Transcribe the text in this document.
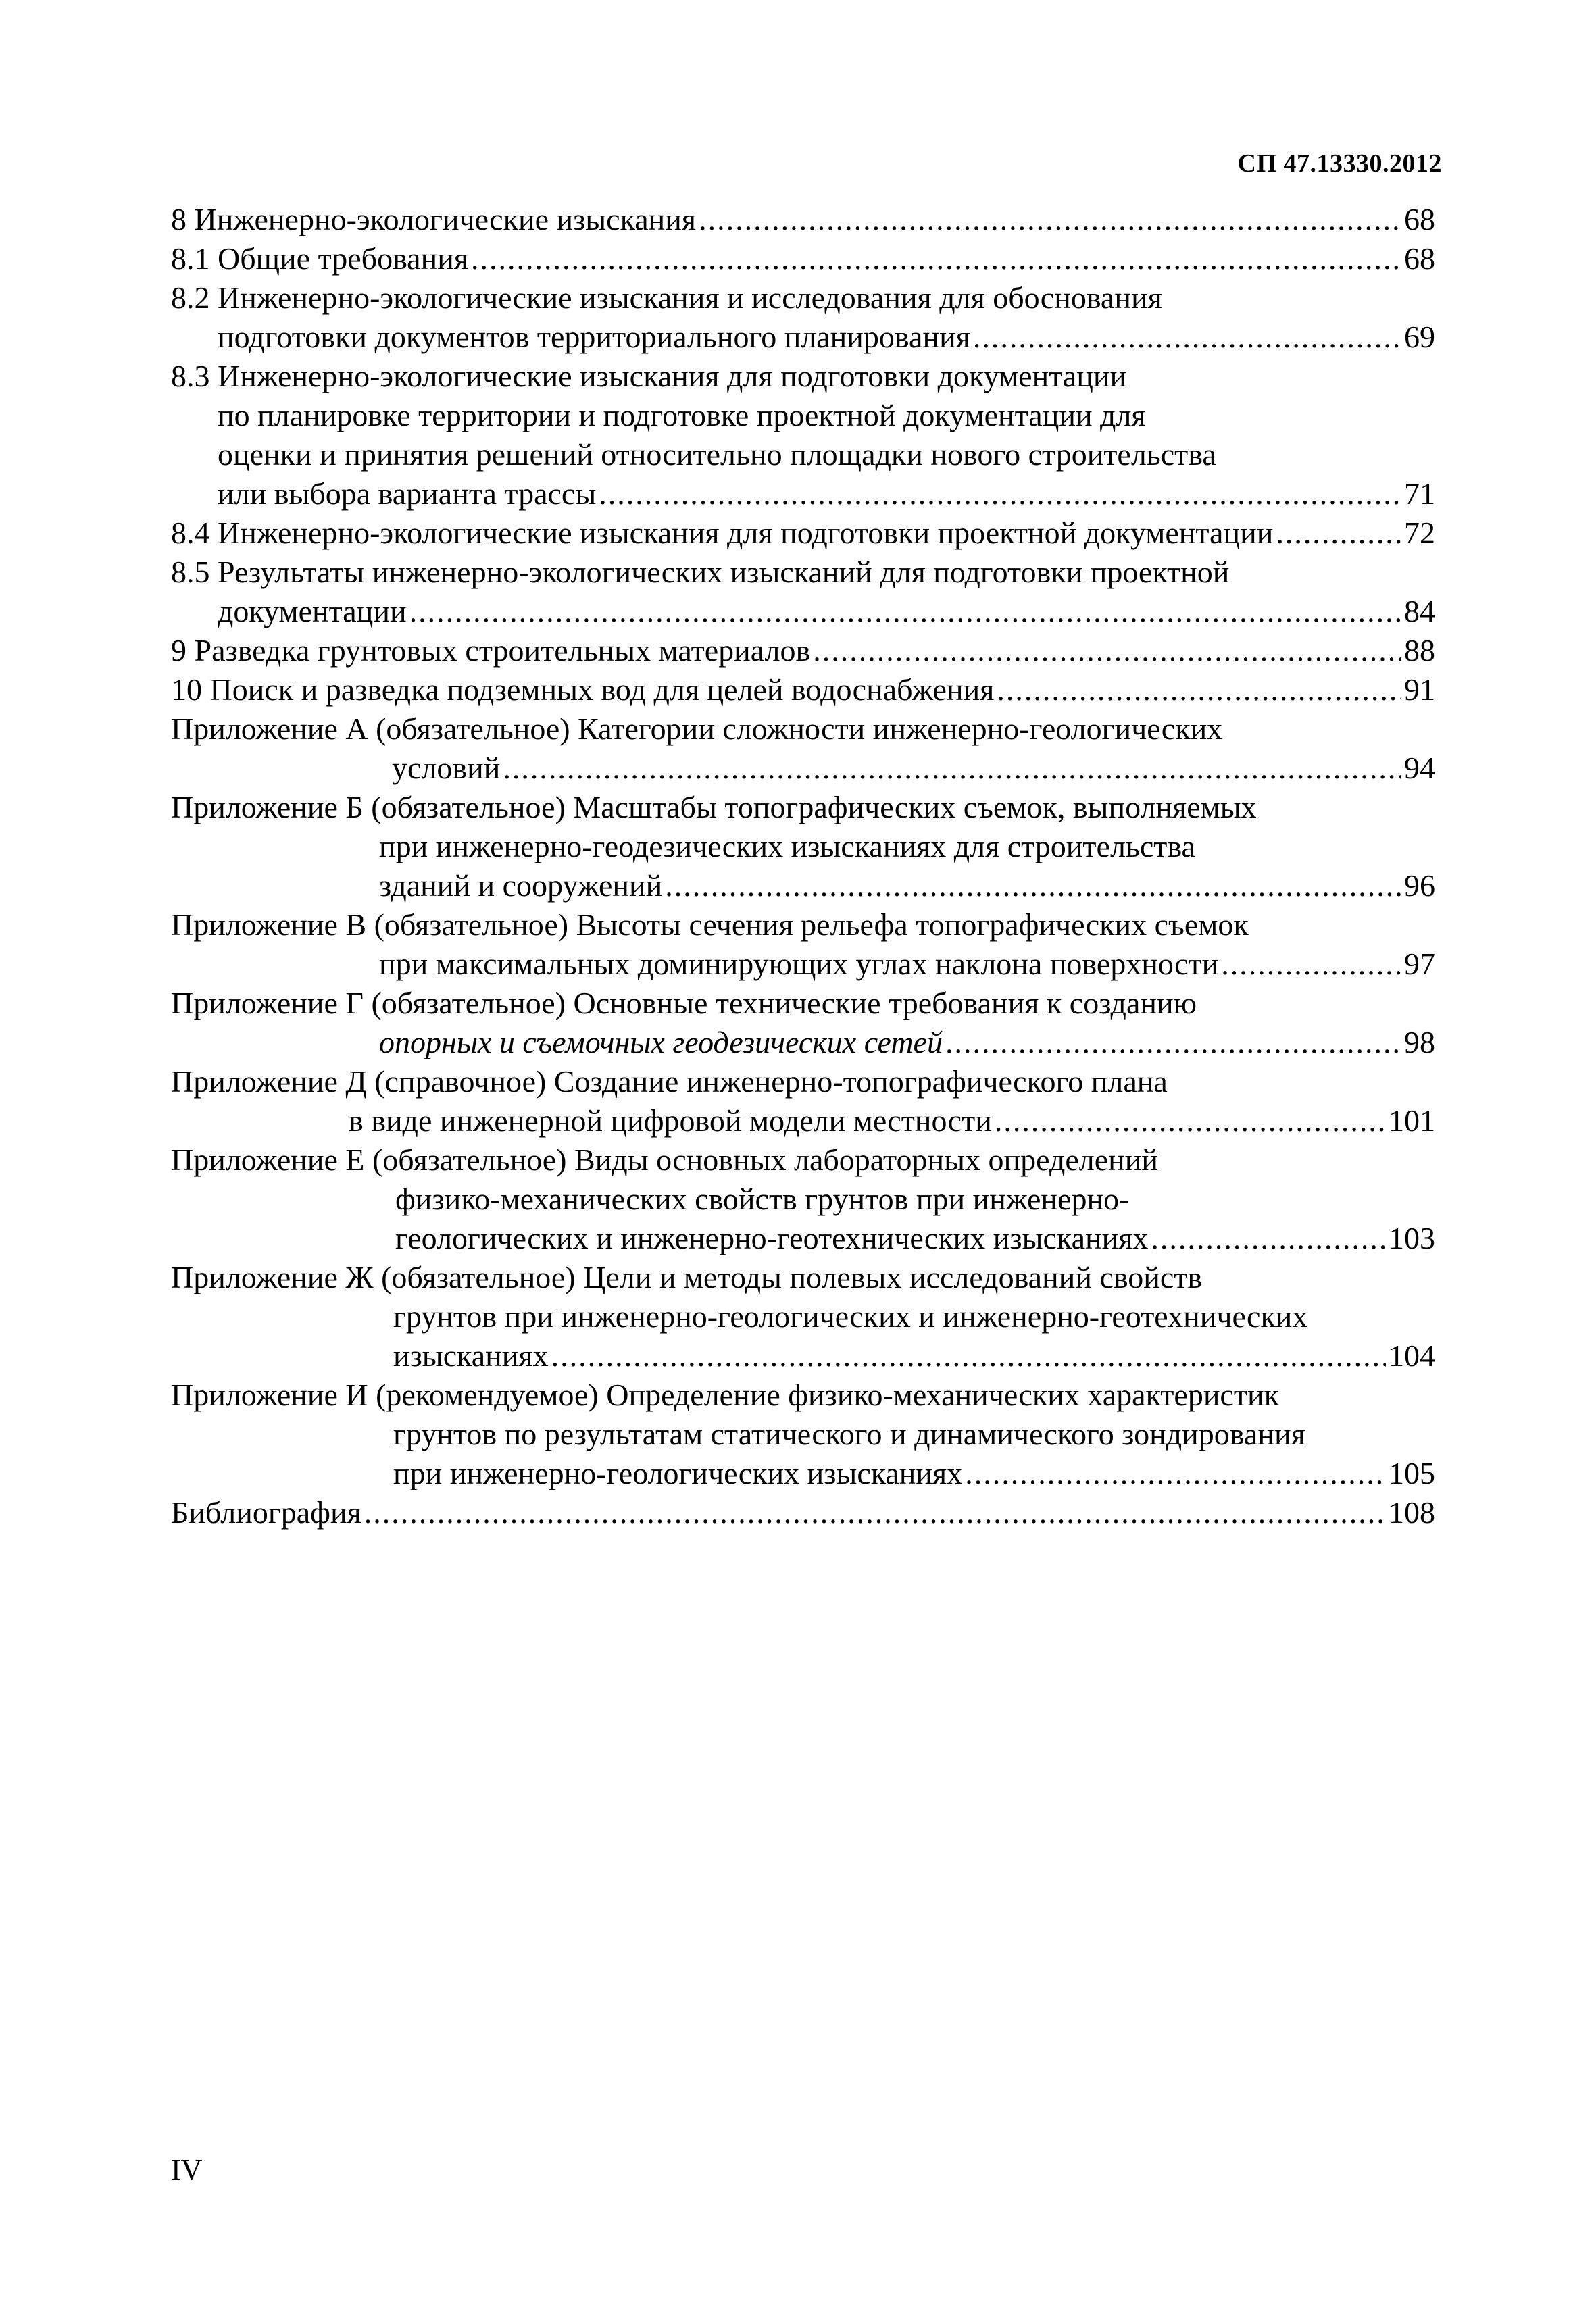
СП 47.13330.2012
8 Инженерно-экологические изыскания .....	68
8.1 Общие требования .....	68
8.2 Инженерно-экологические изыскания и исследования для обоснования
подготовки документов территориального планирования .....	69
8.3 Инженерно-экологические изыскания для подготовки документации
по планировке территории и подготовке проектной документации для
оценки и принятия решений относительно площадки нового строительства
или выбора варианта трассы .....	71
8.4 Инженерно-экологические изыскания для подготовки проектной документации .....	72
8.5 Результаты инженерно-экологических изысканий для подготовки проектной
документации .....	84
9 Разведка грунтовых строительных материалов .....	88
10 Поиск и разведка подземных вод для целей водоснабжения .....	91
Приложение А (обязательное) Категории сложности инженерно-геологических
условий .....	94
Приложение Б (обязательное) Масштабы топографических съемок, выполняемых
при инженерно-геодезических изысканиях для строительства
зданий и сооружений .....	96
Приложение В (обязательное) Высоты сечения рельефа топографических съемок
при максимальных доминирующих углах наклона поверхности .....	97
Приложение Г (обязательное) Основные технические требования к созданию
опорных и съемочных геодезических сетей .....	98
Приложение Д (справочное) Создание инженерно-топографического плана
в виде инженерной цифровой модели местности .....	101
Приложение Е (обязательное) Виды основных лабораторных определений
физико-механических свойств грунтов при инженерно-
геологических и инженерно-геотехнических изысканиях .....	103
Приложение Ж (обязательное) Цели и методы полевых исследований свойств
грунтов при инженерно-геологических и инженерно-геотехнических
изысканиях .....	104
Приложение И (рекомендуемое) Определение физико-механических характеристик
грунтов по результатам статического и динамического зондирования
при инженерно-геологических изысканиях .....	105
Библиография .....	108
IV
